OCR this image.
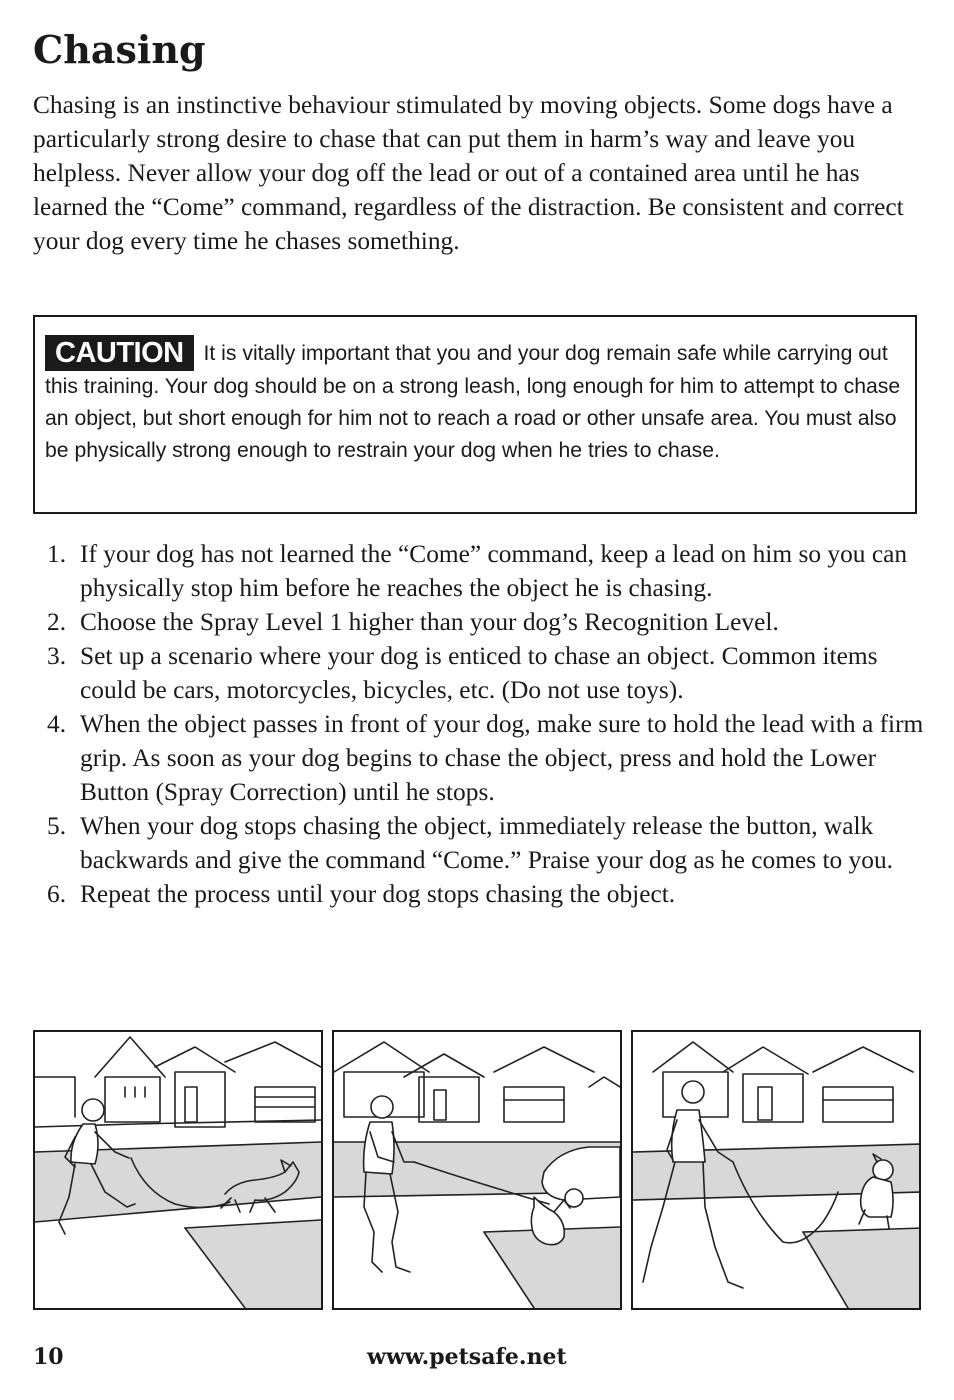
Chasing

Chasing is an instinctive behaviour stimulated by moving objects. Some dogs have a particularly strong desire to chase that can put them in harm’s way and leave you helpless. Never allow your dog off the lead or out of a contained area until he has learned the “Come” command, regardless of the distraction. Be consistent and correct your dog every time he chases something.

CAUTION It is vitally important that you and your dog remain safe while carrying out this training. Your dog should be on a strong leash, long enough for him to attempt to chase an object, but short enough for him not to reach a road or other unsafe area. You must also be physically strong enough to restrain your dog when he tries to chase.
1. If your dog has not learned the “Come” command, keep a lead on him so you can physically stop him before he reaches the object he is chasing.
2. Choose the Spray Level 1 higher than your dog’s Recognition Level.
3. Set up a scenario where your dog is enticed to chase an object. Common items could be cars, motorcycles, bicycles, etc. (Do not use toys).
4. When the object passes in front of your dog, make sure to hold the lead with a firm grip. As soon as your dog begins to chase the object, press and hold the Lower Button (Spray Correction) until he stops.
5. When your dog stops chasing the object, immediately release the button, walk backwards and give the command “Come.” Praise your dog as he comes to you.
6. Repeat the process until your dog stops chasing the object.
10	www.petsafe.net
